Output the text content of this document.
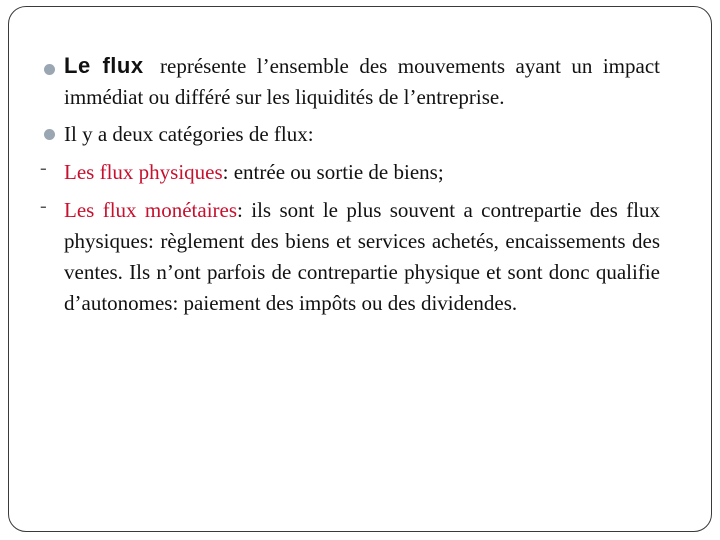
Le flux représente l’ensemble des mouvements ayant un impact immédiat ou différé sur les liquidités de l’entreprise.
Il y a deux catégories de flux:
- Les flux physiques: entrée ou sortie de biens;
- Les flux monétaires: ils sont le plus souvent a contrepartie des flux physiques: règlement des biens et services achetés, encaissements des ventes. Ils n’ont parfois de contrepartie physique et sont donc qualifie d’autonomes: paiement des impôts ou des dividendes.
